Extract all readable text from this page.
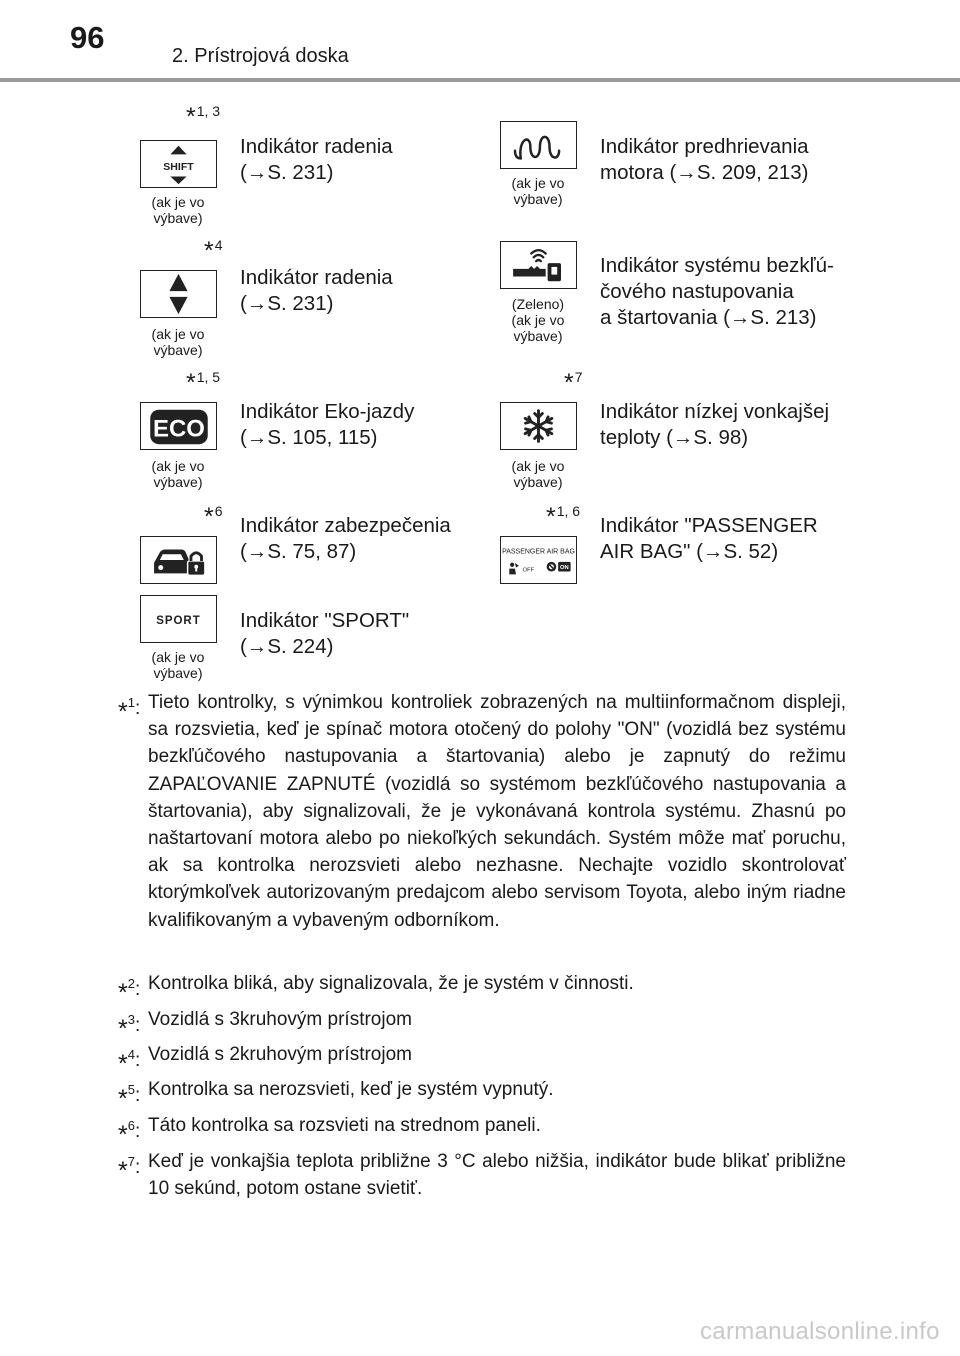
96
2. Prístrojová doska
*1, 3
SHIFT
(ak je vo
výbave)
Indikátor radenia
(→S. 231)	(ak je vo
výbave)
Indikátor predhrievania
motora (→S. 209, 213)
*4
(ak je vo
výbave)
Indikátor radenia
(→S. 231)	(Zeleno)
(ak je vo
výbave)
Indikátor systému bezkľú-
čového nastupovania
a štartovania (→S. 213)
*1, 5
ECO
(ak je vo
výbave)
Indikátor Eko-jazdy
(→S. 105, 115)
*7
(ak je vo
výbave)
Indikátor nízkej vonkajšej
teploty (→S. 98)
*6
Indikátor zabezpečenia
(→S. 75, 87)
*1, 6
PASSENGER AIR BAG
OFF	ON
Indikátor "PASSENGER
AIR BAG" (→S. 52)
SPORT
(ak je vo
výbave)
Indikátor "SPORT"
(→S. 224)
*$^1$: Tieto kontrolky, s výnimkou kontroliek zobrazených na multiinformačnom displeji, sa rozsvietia, keď je spínač motora otočený do polohy "ON" (vozidlá bez systému bezkľúčového nastupovania a štartovania) alebo je zapnutý do režimu ZAPAĽOVANIE ZAPNUTÉ (vozidlá so systémom bezkľúčového nastupovania a štartovania), aby signalizovali, že je vykonávaná kontrola systému. Zhasnú po naštartovaní motora alebo po niekoľkých sekundách. Systém môže mať poruchu, ak sa kontrolka nerozsvieti alebo nezhasne. Nechajte vozidlo skontrolovať ktorýmkoľvek autorizovaným predajcom alebo servisom Toyota, alebo iným riadne kvalifikovaným a vybaveným odborníkom.
*$^2$: Kontrolka bliká, aby signalizovala, že je systém v činnosti.
*$^3$: Vozidlá s 3kruhovým prístrojom
*$^4$: Vozidlá s 2kruhovým prístrojom
*$^5$: Kontrolka sa nerozsvieti, keď je systém vypnutý.
*$^6$: Táto kontrolka sa rozsvieti na strednom paneli.
*$^7$: Keď je vonkajšia teplota približne 3 °C alebo nižšia, indikátor bude blikať približne 10 sekúnd, potom ostane svietiť.
carmanualsonline.info
